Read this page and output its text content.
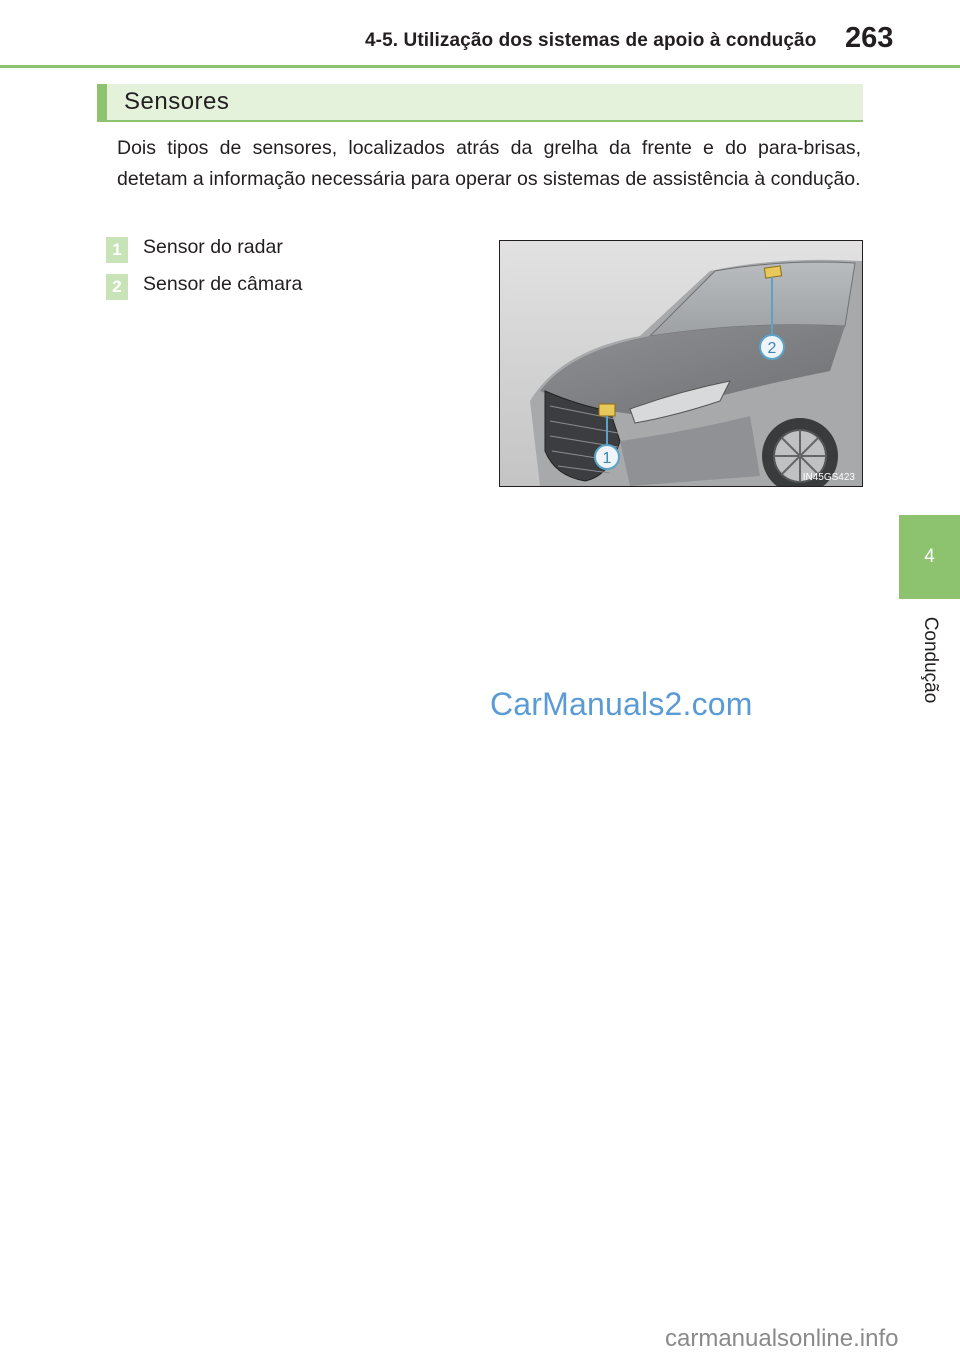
4-5. Utilização dos sistemas de apoio à condução 263
Sensores
Dois tipos de sensores, localizados atrás da grelha da frente e do para-brisas, detetam a informação necessária para operar os sistemas de assistência à condução.
1	Sensor do radar
2	Sensor de câmara
2
1
IN45GS423
4
Condução
CarManuals2.com
carmanualsonline.info
